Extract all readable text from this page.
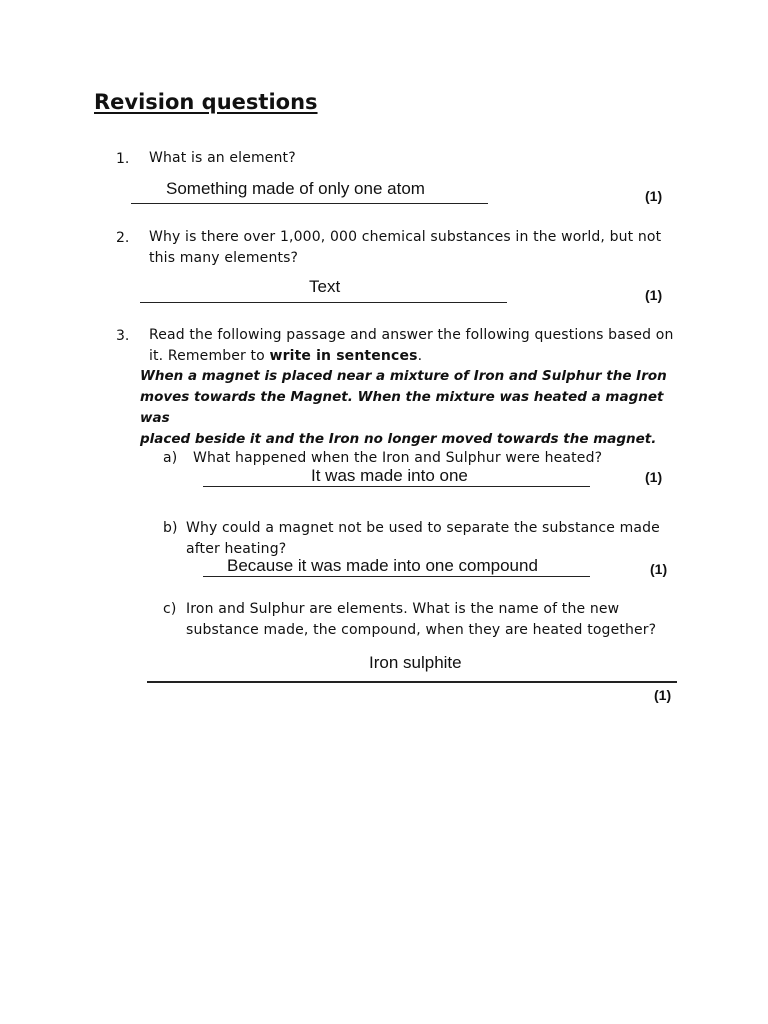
Revision questions
1. What is an element?
Something made of only one atom	(1)
2. Why is there over 1,000, 000 chemical substances in the world, but not
this many elements?
Text	(1)
3. Read the following passage and answer the following questions based on
it. Remember to write in sentences.
When a magnet is placed near a mixture of Iron and Sulphur the Iron
moves towards the Magnet. When the mixture was heated a magnet was
placed beside it and the Iron no longer moved towards the magnet.
a) What happened when the Iron and Sulphur were heated?
It was made into one	(1)
b) Why could a magnet not be used to separate the substance made
after heating?
Because it was made into one compound	(1)
c) Iron and Sulphur are elements. What is the name of the new
substance made, the compound, when they are heated together?
Iron sulphite
(1)
